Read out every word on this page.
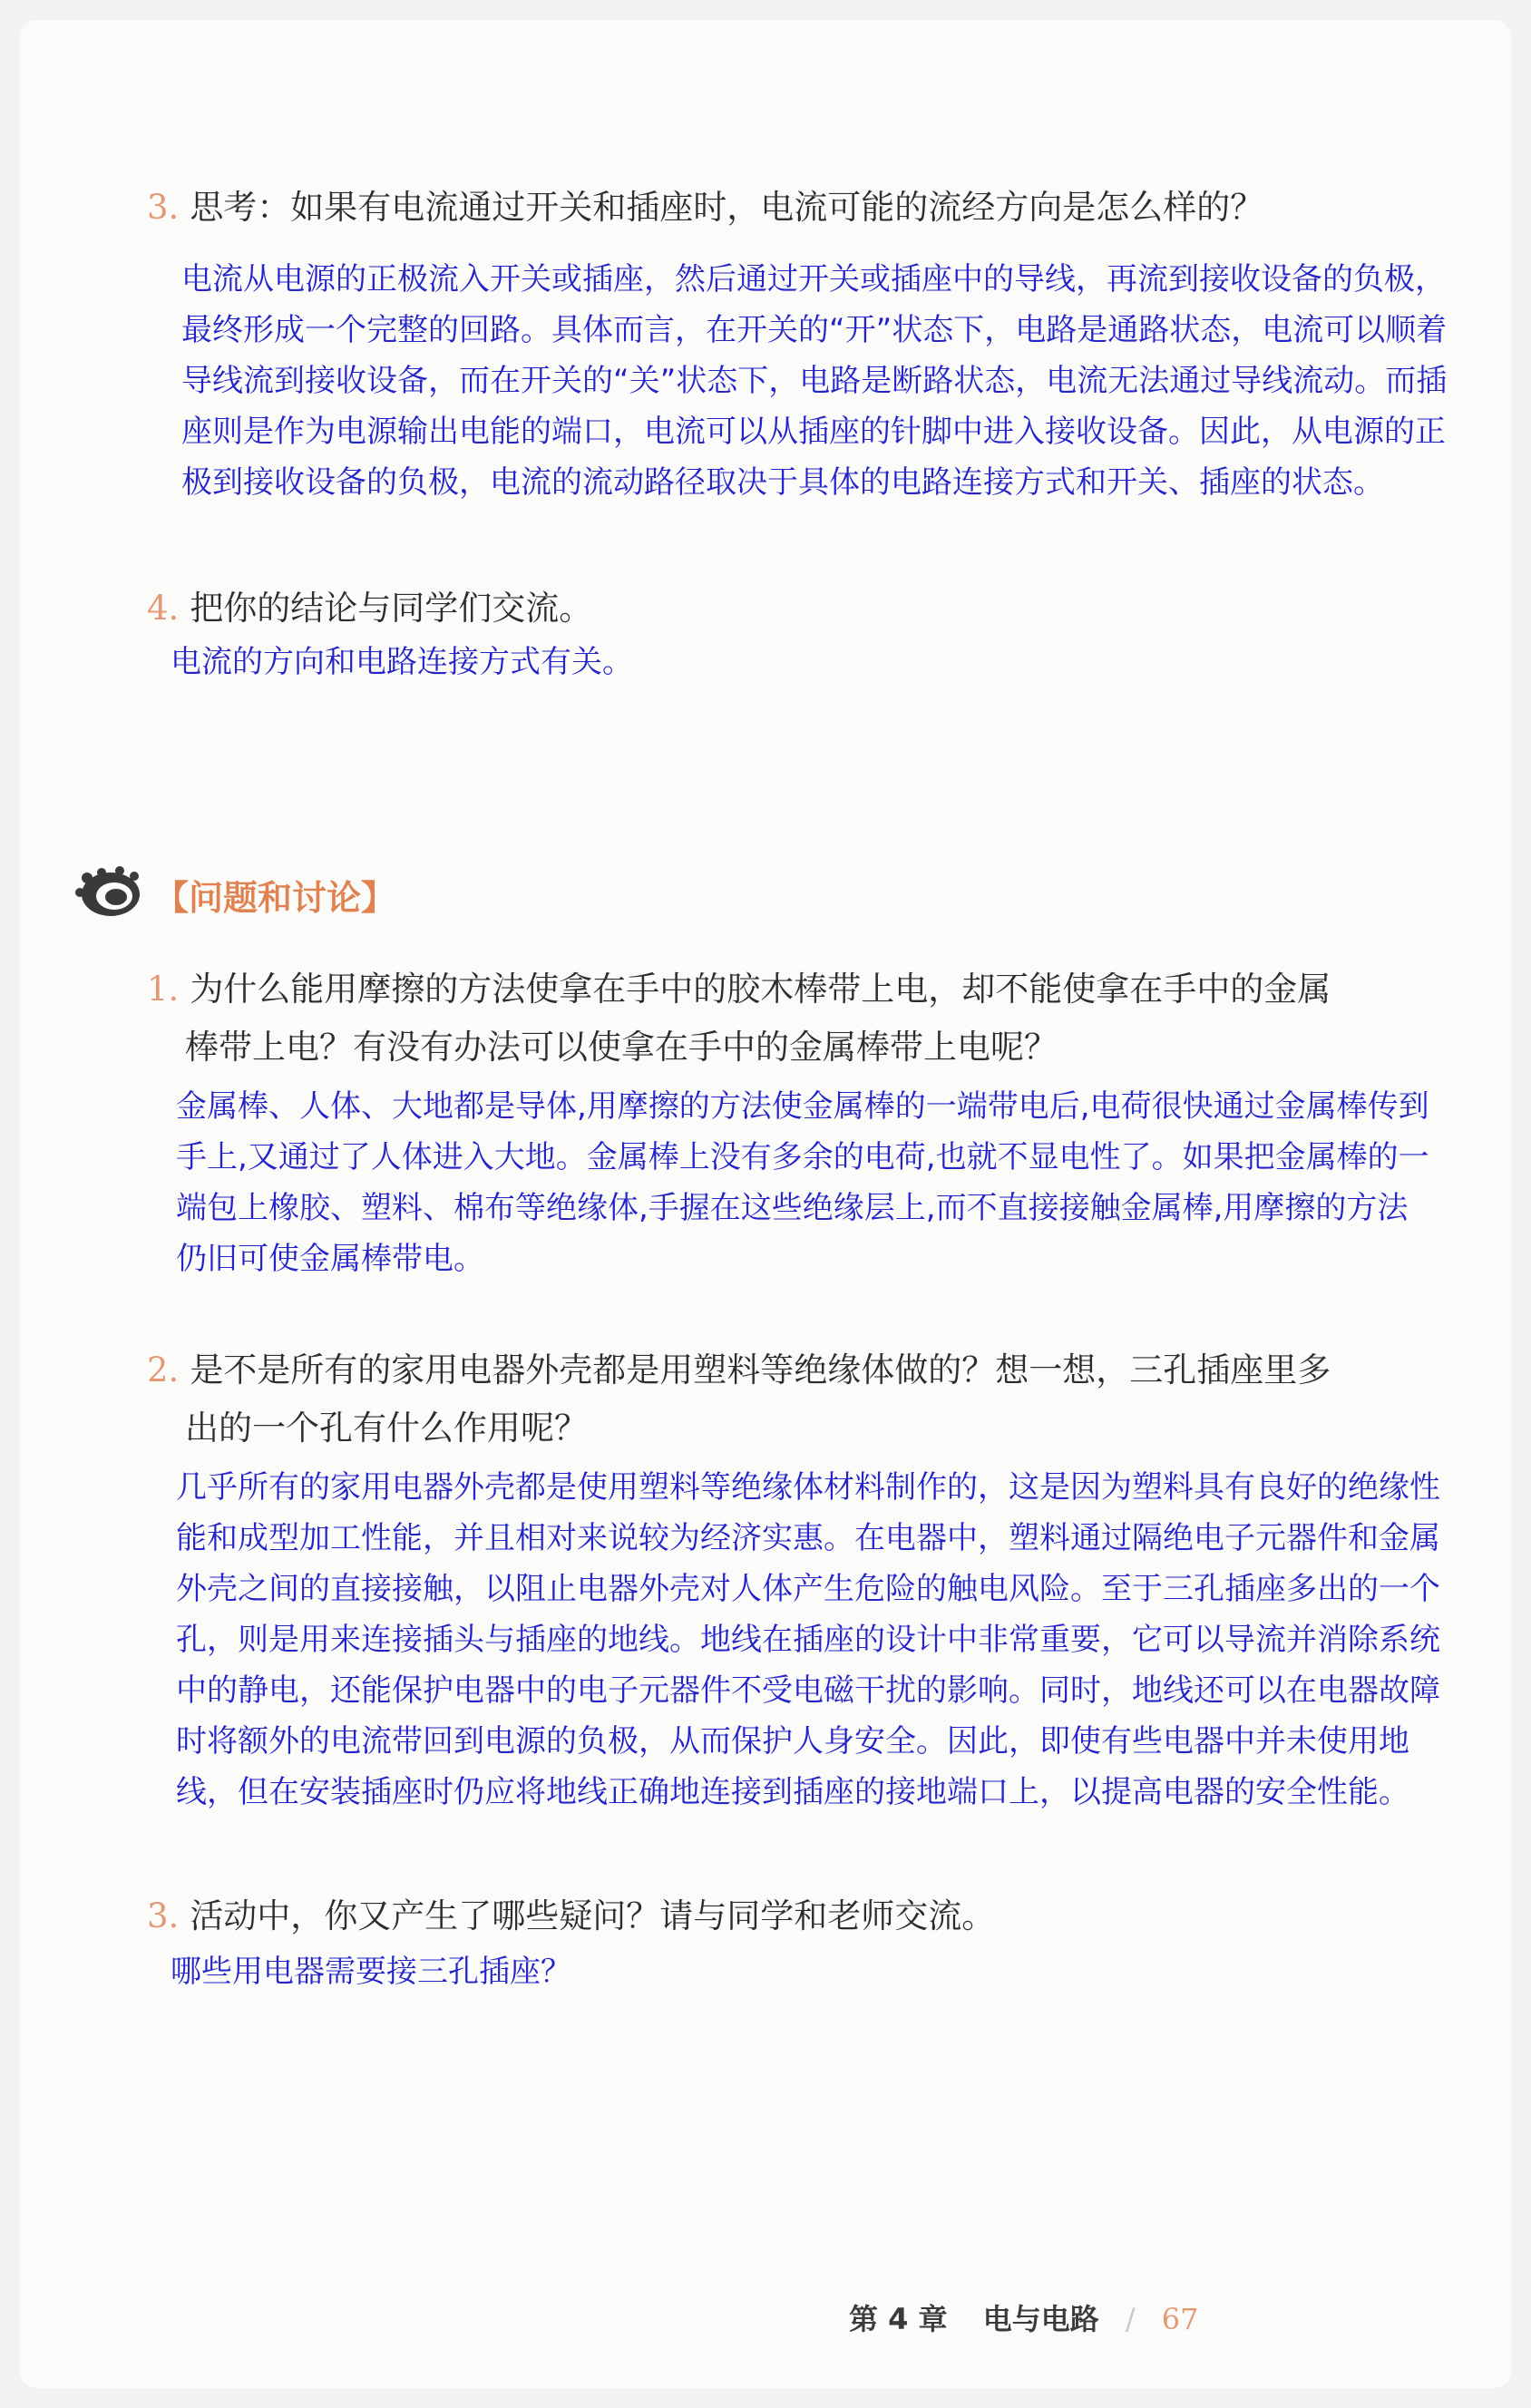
3. 思考：如果有电流通过开关和插座时，电流可能的流经方向是怎么样的？

电流从电源的正极流入开关或插座，然后通过开关或插座中的导线，再流到接收设备的负极，最终形成一个完整的回路。具体而言，在开关的“开”状态下，电路是通路状态，电流可以顺着导线流到接收设备，而在开关的“关”状态下，电路是断路状态，电流无法通过导线流动。而插座则是作为电源输出电能的端口，电流可以从插座的针脚中进入接收设备。因此，从电源的正极到接收设备的负极，电流的流动路径取决于具体的电路连接方式和开关、插座的状态。

4. 把你的结论与同学们交流。

电流的方向和电路连接方式有关。

【问题和讨论】
1. 为什么能用摩擦的方法使拿在手中的胶木棒带上电，却不能使拿在手中的金属
棒带上电？有没有办法可以使拿在手中的金属棒带上电呢？

金属棒、人体、大地都是导体,用摩擦的方法使金属棒的一端带电后,电荷很快通过金属棒传到手上,又通过了人体进入大地。金属棒上没有多余的电荷,也就不显电性了。如果把金属棒的一端包上橡胶、塑料、棉布等绝缘体,手握在这些绝缘层上,而不直接接触金属棒,用摩擦的方法仍旧可使金属棒带电。

2. 是不是所有的家用电器外壳都是用塑料等绝缘体做的？想一想，三孔插座里多
出的一个孔有什么作用呢？

几乎所有的家用电器外壳都是使用塑料等绝缘体材料制作的，这是因为塑料具有良好的绝缘性能和成型加工性能，并且相对来说较为经济实惠。在电器中，塑料通过隔绝电子元器件和金属外壳之间的直接接触，以阻止电器外壳对人体产生危险的触电风险。至于三孔插座多出的一个孔，则是用来连接插头与插座的地线。地线在插座的设计中非常重要，它可以导流并消除系统中的静电，还能保护电器中的电子元器件不受电磁干扰的影响。同时，地线还可以在电器故障时将额外的电流带回到电源的负极，从而保护人身安全。因此，即使有些电器中并未使用地线，但在安装插座时仍应将地线正确地连接到插座的接地端口上，以提高电器的安全性能。

3. 活动中，你又产生了哪些疑问？请与同学和老师交流。

哪些用电器需要接三孔插座？

第 4 章 电与电路 / 67
